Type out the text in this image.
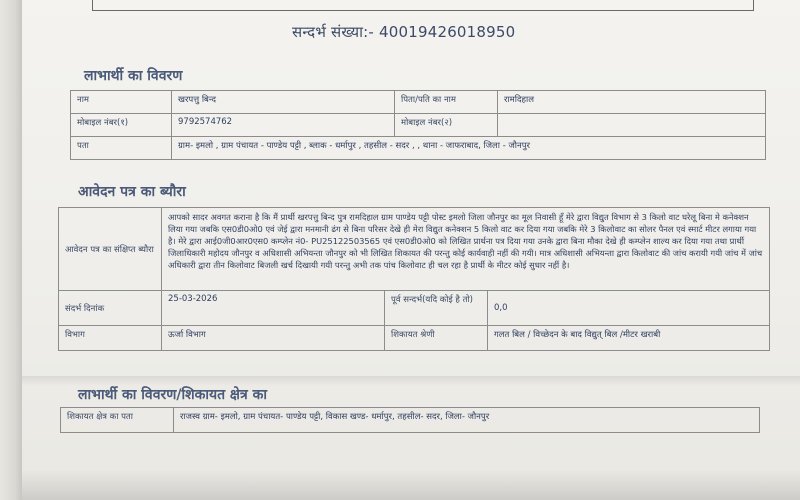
सन्दर्भ संख्या:- 40019426018950
लाभार्थी का विवरण
नाम	खरपत्तु बिन्द	पिता/पति का नाम	रामदिहाल
मोबाइल नंबर(१)	9792574762	मोबाइल नंबर(२)	
पता	ग्राम- इमलो , ग्राम पंचायत - पाण्डेय पट्टी , ब्लाक - धर्मापुर , तहसील - सदर , , थाना - जाफराबाद, जिला - जौनपुर		
आवेदन पत्र का ब्यौरा
आवेदन पत्र का संक्षिप्त ब्यौरा	आपको सादर अवगत कराना है कि मैं प्रार्थी खरपत्तु बिन्द पुत्र रामदिहाल ग्राम पाण्डेय पट्टी पोस्ट इमलो जिला जौनपुर का मूल निवासी हूँ मेरे द्वारा विद्युत विभाग से 3 किलो वाट घरेलू बिना मे कनेक्शन लिया गया जबकि एस0डी0ओ0 एवं जेई द्वारा मनमानी ढंग से बिना परिसर देखे ही मेरा विद्युत कनेक्शन 5 किलो वाट कर दिया गया जबकि मेरे 3 किलोवाट का सोलर पैनल एवं स्मार्ट मीटर लगाया गया है। मेरे द्वारा आई0जी0आर0एस0 कम्प्लेन नं0- PU25122503565 एवं एस0डी0ओ0 को लिखित प्रार्थना पत्र दिया गया उनके द्वारा बिना मौका देखे ही कम्प्लेन शाल्य कर दिया गया तथा प्रार्थी जिलाधिकारी महोदय जौनपुर व अधिशासी अभियन्ता जौनपुर को भी लिखित शिकायत की परन्तु कोई कार्यवाही नहीं की गयी। मात्र अधिशासी अभियन्ता द्वारा किलोवाट की जांच करायी गयी जांच में जांच अधिकारी द्वारा तीन किलोवाट बिजली खर्च दिखायी गयी परन्तु अभी तक पांच किलोवाट ही चल रहा है प्रार्थी के मीटर कोई सुधार नहीं है।		
संदर्भ दिनांक	25-03-2026	पूर्व सन्दर्भ(यदि कोई है तो)	0,0
विभाग	ऊर्जा विभाग	शिकायत श्रेणी	गलत बिल / विच्छेदन के बाद विद्युत् बिल /मीटर खराबी
लाभार्थी का विवरण/शिकायत क्षेत्र का
शिकायत क्षेत्र का पता	राजस्व ग्राम- इमलो, ग्राम पंचायत- पाण्डेय पट्टी, विकास खण्ड- धर्मापुर, तहसील- सदर, जिला- जौनपुर
